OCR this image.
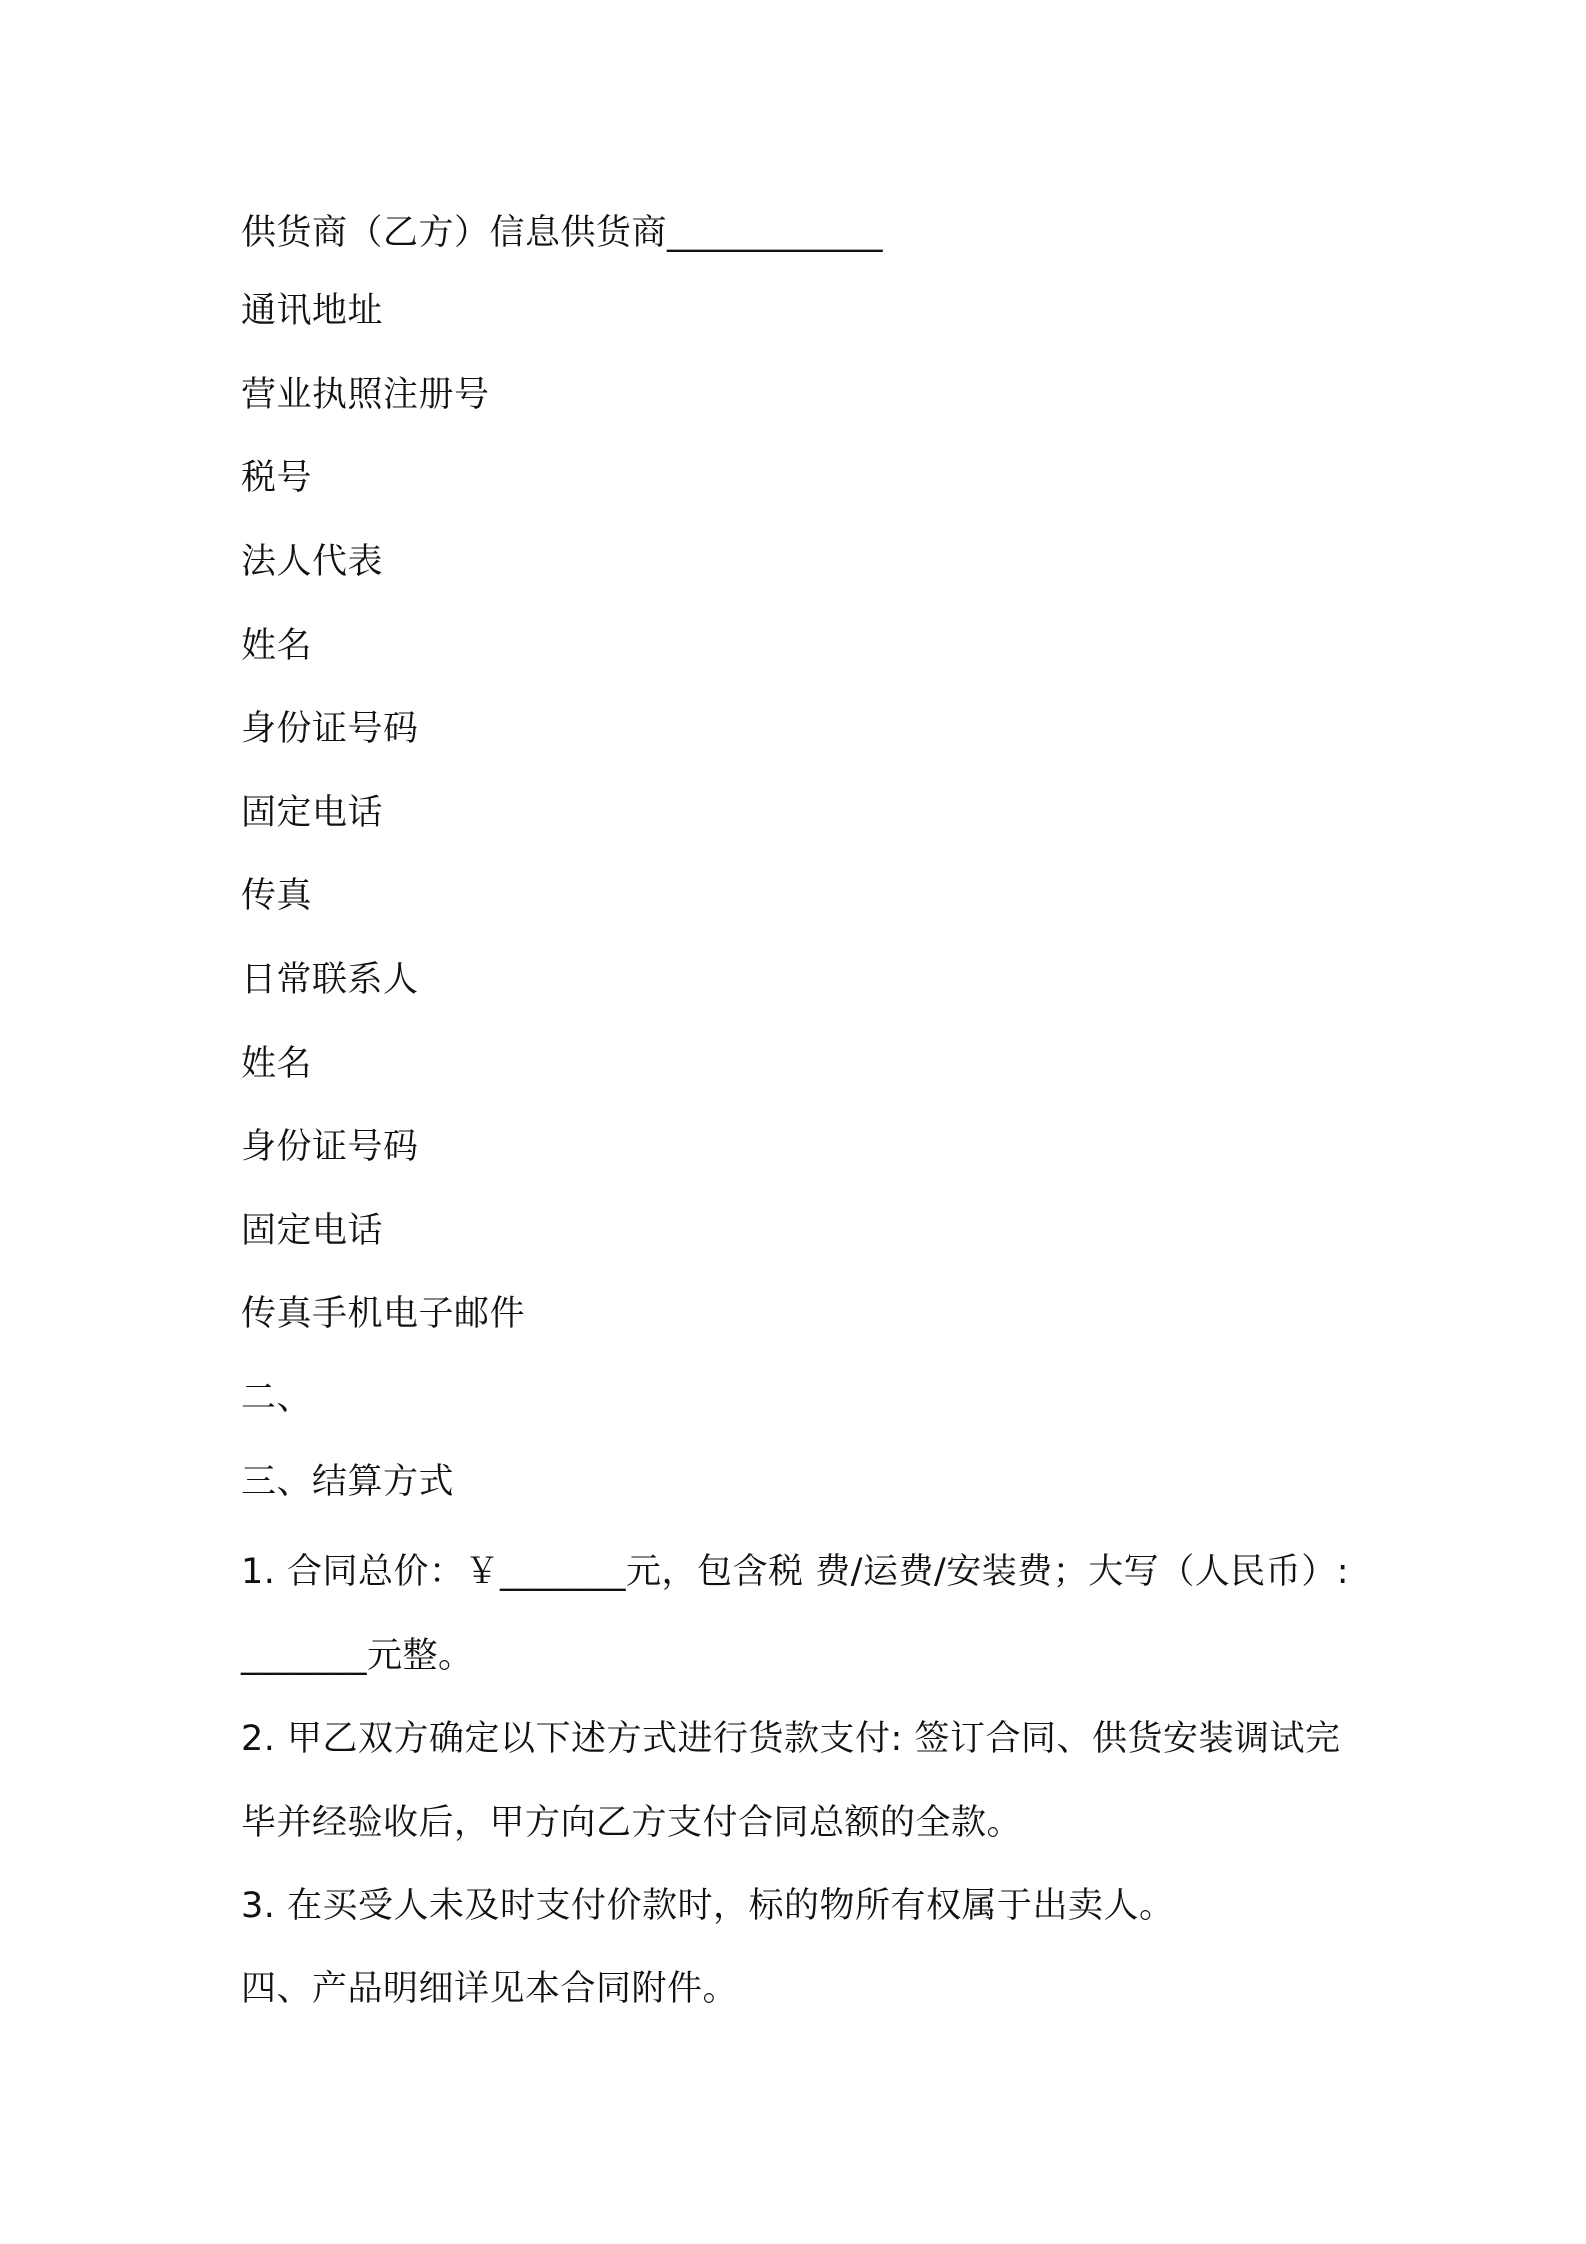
供货商（乙方）信息供货商____________
通讯地址
营业执照注册号
税号
法人代表
姓名
身份证号码
固定电话
传真
日常联系人
姓名
身份证号码
固定电话
传真手机电子邮件
二、
三、结算方式
1. 合同总价：￥_______元，包含税 费/运费/安装费；大写（人民币）: _______元整。
2. 甲乙双方确定以下述方式进行货款支付: 签订合同、供货安装调试完毕并经验收后，甲方向乙方支付合同总额的全款。
3. 在买受人未及时支付价款时，标的物所有权属于出卖人。
四、产品明细详见本合同附件。
